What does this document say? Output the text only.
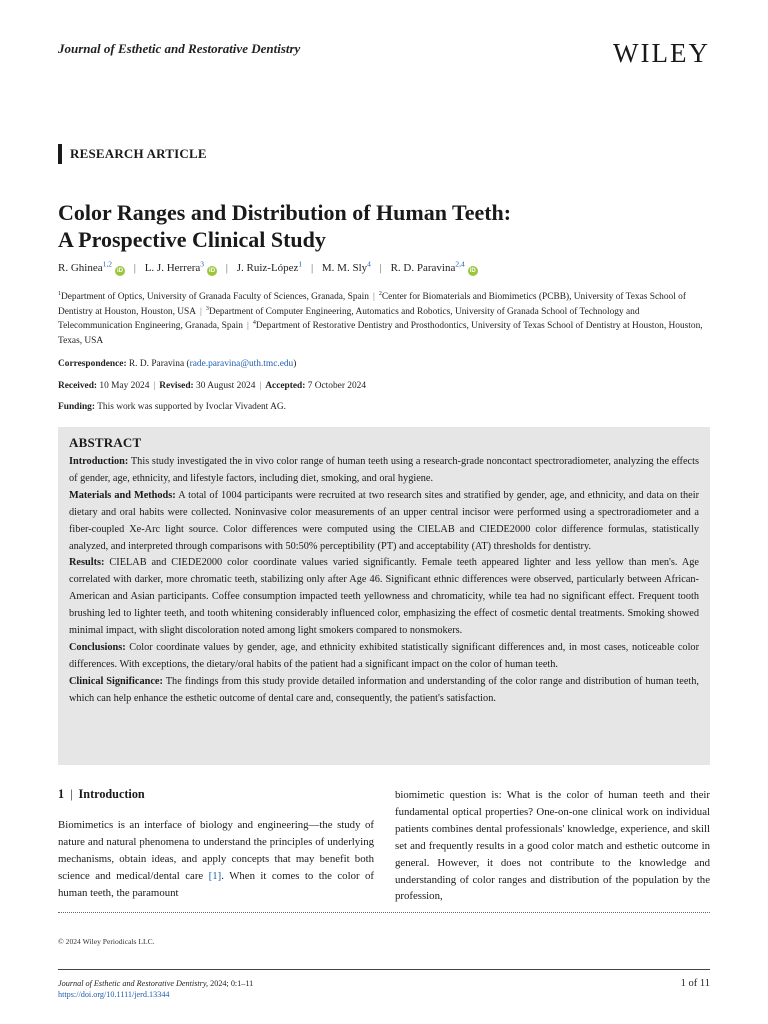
Journal of Esthetic and Restorative Dentistry	WILEY
RESEARCH ARTICLE
Color Ranges and Distribution of Human Teeth:
A Prospective Clinical Study
R. Ghinea$^{1,2}$iD | L. J. Herrera$^3$iD | J. Ruiz-López$^1$ | M. M. Sly$^4$ | R. D. Paravina$^{2,4}$iD
$^1$Department of Optics, University of Granada Faculty of Sciences, Granada, Spain | $^2$Center for Biomaterials and Biomimetics (PCBB), University of Texas School of Dentistry at Houston, Houston, USA | $^3$Department of Computer Engineering, Automatics and Robotics, University of Granada School of Technology and Telecommunication Engineering, Granada, Spain | $^4$Department of Restorative Dentistry and Prosthodontics, University of Texas School of Dentistry at Houston, Houston, Texas, USA
Correspondence: R. D. Paravina (rade.paravina@uth.tmc.edu)
Received: 10 May 2024 | Revised: 30 August 2024 | Accepted: 7 October 2024
Funding: This work was supported by Ivoclar Vivadent AG.
ABSTRACT

Introduction: This study investigated the in vivo color range of human teeth using a research-grade noncontact spectroradiometer, analyzing the effects of gender, age, ethnicity, and lifestyle factors, including diet, smoking, and oral hygiene.

Materials and Methods: A total of 1004 participants were recruited at two research sites and stratified by gender, age, and ethnicity, and data on their dietary and oral habits were collected. Noninvasive color measurements of an upper central incisor were performed using a spectroradiometer and a fiber-coupled Xe-Arc light source. Color differences were computed using the CIELAB and CIEDE2000 color difference formulas, statistically analyzed, and interpreted through comparisons with 50:50% perceptibility (PT) and acceptability (AT) thresholds for dentistry.

Results: CIELAB and CIEDE2000 color coordinate values varied significantly. Female teeth appeared lighter and less yellow than men's. Age correlated with darker, more chromatic teeth, stabilizing only after Age 46. Significant ethnic differences were observed, particularly between African-American and Asian participants. Coffee consumption impacted teeth yellowness and chromaticity, while tea had no significant effect. Frequent tooth brushing led to lighter teeth, and tooth whitening considerably influenced color, emphasizing the effect of cosmetic dental treatments. Smoking showed minimal impact, with slight discoloration noted among light smokers compared to nonsmokers.

Conclusions: Color coordinate values by gender, age, and ethnicity exhibited statistically significant differences and, in most cases, noticeable color differences. With exceptions, the dietary/oral habits of the patient had a significant impact on the color of human teeth.

Clinical Significance: The findings from this study provide detailed information and understanding of the color range and distribution of human teeth, which can help enhance the esthetic outcome of dental care and, consequently, the patient's satisfaction.

1 | Introduction
Biomimetics is an interface of biology and engineering—the study of nature and natural phenomena to understand the principles of underlying mechanisms, obtain ideas, and apply concepts that may benefit both science and medical/dental care [1]. When it comes to the color of human teeth, the paramount
biomimetic question is: What is the color of human teeth and their fundamental optical properties? One-on-one clinical work on individual patients combines dental professionals' knowledge, experience, and skill set and frequently results in a good color match and esthetic outcome in general. However, it does not contribute to the knowledge and understanding of color ranges and distribution of the population by the profession,
© 2024 Wiley Periodicals LLC.
Journal of Esthetic and Restorative Dentistry, 2024; 0:1–11
https://doi.org/10.1111/jerd.13344
1 of 11
